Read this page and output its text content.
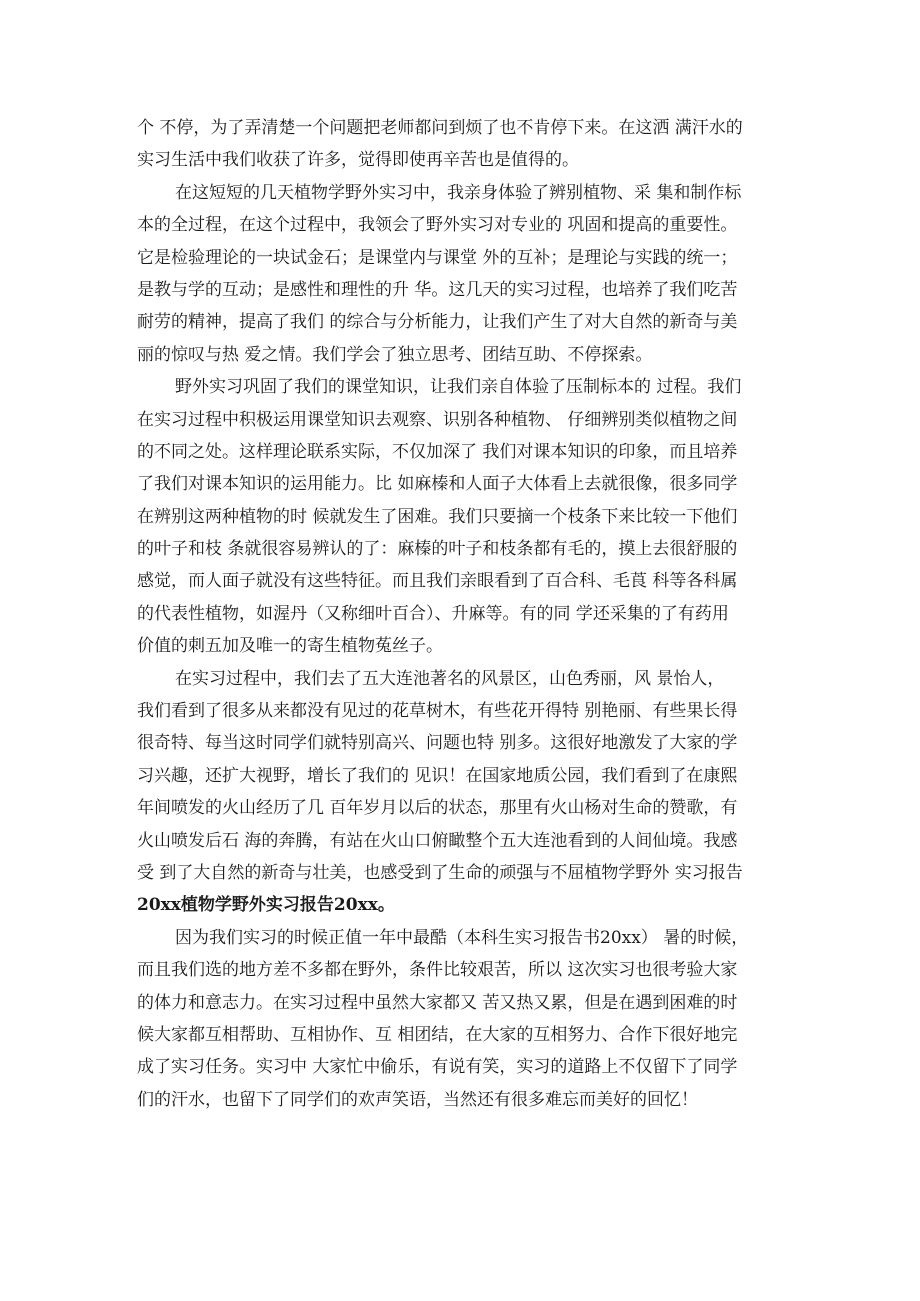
个 不停，为了弄清楚一个问题把老师都问到烦了也不肯停下来。在这洒 满汗水的
实习生活中我们收获了许多，觉得即使再辛苦也是值得的。
在这短短的几天植物学野外实习中，我亲身体验了辨别植物、采 集和制作标
本的全过程，在这个过程中，我领会了野外实习对专业的 巩固和提高的重要性。
它是检验理论的一块试金石；是课堂内与课堂 外的互补；是理论与实践的统一；
是教与学的互动；是感性和理性的升 华。这几天的实习过程，也培养了我们吃苦
耐劳的精神，提高了我们 的综合与分析能力，让我们产生了对大自然的新奇与美
丽的惊叹与热 爱之情。我们学会了独立思考、团结互助、不停探索。
野外实习巩固了我们的课堂知识，让我们亲自体验了压制标本的 过程。我们
在实习过程中积极运用课堂知识去观察、识别各种植物、 仔细辨别类似植物之间
的不同之处。这样理论联系实际，不仅加深了 我们对课本知识的印象，而且培养
了我们对课本知识的运用能力。比 如麻榛和人面子大体看上去就很像，很多同学
在辨别这两种植物的时 候就发生了困难。我们只要摘一个枝条下来比较一下他们
的叶子和枝 条就很容易辨认的了：麻榛的叶子和枝条都有毛的，摸上去很舒服的
感觉，而人面子就没有这些特征。而且我们亲眼看到了百合科、毛莨 科等各科属
的代表性植物，如渥丹（又称细叶百合）、升麻等。有的同 学还采集的了有药用
价值的刺五加及唯一的寄生植物菟丝子。
在实习过程中，我们去了五大连池著名的风景区，山色秀丽，风 景怡人，
我们看到了很多从来都没有见过的花草树木，有些花开得特 别艳丽、有些果长得
很奇特、每当这时同学们就特别高兴、问题也特 别多。这很好地激发了大家的学
习兴趣，还扩大视野，增长了我们的 见识！在国家地质公园，我们看到了在康熙
年间喷发的火山经历了几 百年岁月以后的状态，那里有火山杨对生命的赞歌，有
火山喷发后石 海的奔腾，有站在火山口俯瞰整个五大连池看到的人间仙境。我感
受 到了大自然的新奇与壮美，也感受到了生命的顽强与不屈植物学野外 实习报告
20xx植物学野外实习报告20xx。
因为我们实习的时候正值一年中最酷（本科生实习报告书20xx） 暑的时候，
而且我们选的地方差不多都在野外，条件比较艰苦，所以 这次实习也很考验大家
的体力和意志力。在实习过程中虽然大家都又 苦又热又累，但是在遇到困难的时
候大家都互相帮助、互相协作、互 相团结，在大家的互相努力、合作下很好地完
成了实习任务。实习中 大家忙中偷乐，有说有笑，实习的道路上不仅留下了同学
们的汗水，也留下了同学们的欢声笑语，当然还有很多难忘而美好的回忆！
